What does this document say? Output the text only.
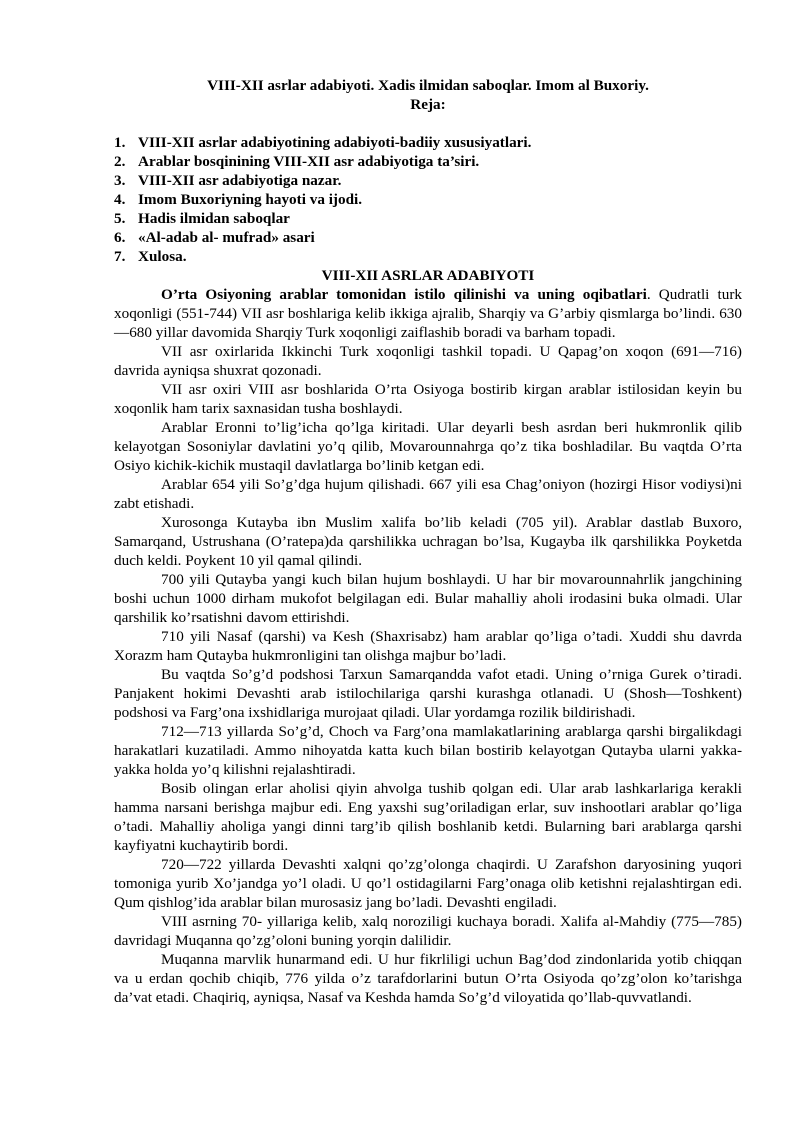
VIII-XII asrlar adabiyoti. Xadis ilmidan saboqlar. Imom al Buxoriy.

Reja:

1. VIII-XII asrlar adabiyotining adabiyoti-badiiy xususiyatlari.
2. Arablar bosqinining VIII-XII asr adabiyotiga ta’siri.
3. VIII-XII asr adabiyotiga nazar.
4. Imom Buxoriyning hayoti va ijodi.
5. Hadis ilmidan saboqlar
6. «Al-adab al- mufrad» asari
7. Xulosa.

VIII-XII ASRLAR ADABIYOTI

O’rta Osiyoning arablar tomonidan istilo qilinishi va uning oqibatlari. Qudratli turk xoqonligi (551-744) VII asr boshlariga kelib ikkiga ajralib, Sharqiy va G’arbiy qismlarga bo’lindi. 630—680 yillar davomida Sharqiy Turk xoqonligi zaiflashib boradi va barham topadi.

VII asr oxirlarida Ikkinchi Turk xoqonligi tashkil topadi. U Qapag’on xoqon (691—716) davrida ayniqsa shuxrat qozonadi.

VII asr oxiri VIII asr boshlarida O’rta Osiyoga bostirib kirgan arablar istilosidan keyin bu xoqonlik ham tarix saxnasidan tusha boshlaydi.

Arablar Eronni to’lig’icha qo’lga kiritadi. Ular deyarli besh asrdan beri hukmronlik qilib kelayotgan Sosoniylar davlatini yo’q qilib, Movarounnahrga qo’z tika boshladilar. Bu vaqtda O’rta Osiyo kichik-kichik mustaqil davlatlarga bo’linib ketgan edi.

Arablar 654 yili So’g’dga hujum qilishadi. 667 yili esa Chag’oniyon (hozirgi Hisor vodiysi)ni zabt etishadi.

Xurosonga Kutayba ibn Muslim xalifa bo’lib keladi (705 yil). Arablar dastlab Buxoro, Samarqand, Ustrushana (O’ratepa)da qarshilikka uchragan bo’lsa, Kugayba ilk qarshilikka Poyketda duch keldi. Poykent 10 yil qamal qilindi.

700 yili Qutayba yangi kuch bilan hujum boshlaydi. U har bir movarounnahrlik jangchining boshi uchun 1000 dirham mukofot belgilagan edi. Bular mahalliy aholi irodasini buka olmadi. Ular qarshilik ko’rsatishni davom ettirishdi.

710 yili Nasaf (qarshi) va Kesh (Shaxrisabz) ham arablar qo’liga o’tadi. Xuddi shu davrda Xorazm ham Qutayba hukmronligini tan olishga majbur bo’ladi.

Bu vaqtda So’g’d podshosi Tarxun Samarqandda vafot etadi. Uning o’rniga Gurek o’tiradi. Panjakent hokimi Devashti arab istilochilariga qarshi kurashga otlanadi. U (Shosh—Toshkent) podshosi va Farg’ona ixshidlariga murojaat qiladi. Ular yordamga rozilik bildirishadi.

712—713 yillarda So’g’d, Choch va Farg’ona mamlakatlarining arablarga qarshi birgalikdagi harakatlari kuzatiladi. Ammo nihoyatda katta kuch bilan bostirib kelayotgan Qutayba ularni yakka-yakka holda yo’q kilishni rejalashtiradi.

Bosib olingan erlar aholisi qiyin ahvolga tushib qolgan edi. Ular arab lashkarlariga kerakli hamma narsani berishga majbur edi. Eng yaxshi sug’oriladigan erlar, suv inshootlari arablar qo’liga o’tadi. Mahalliy aholiga yangi dinni targ’ib qilish boshlanib ketdi. Bularning bari arablarga qarshi kayfiyatni kuchaytirib bordi.

720—722 yillarda Devashti xalqni qo’zg’olonga chaqirdi. U Zarafshon daryosining yuqori tomoniga yurib Xo’jandga yo’l oladi. U qo’l ostidagilarni Farg’onaga olib ketishni rejalashtirgan edi. Qum qishlog’ida arablar bilan murosasiz jang bo’ladi. Devashti engiladi.

VIII asrning 70- yillariga kelib, xalq noroziligi kuchaya boradi. Xalifa al-Mahdiy (775—785) davridagi Muqanna qo’zg’oloni buning yorqin dalilidir.

Muqanna marvlik hunarmand edi. U hur fikrliligi uchun Bag’dod zindonlarida yotib chiqqan va u erdan qochib chiqib, 776 yilda o’z tarafdorlarini butun O’rta Osiyoda qo’zg’olon ko’tarishga da’vat etadi. Chaqiriq, ayniqsa, Nasaf va Keshda hamda So’g’d viloyatida qo’llab-quvvatlandi.
